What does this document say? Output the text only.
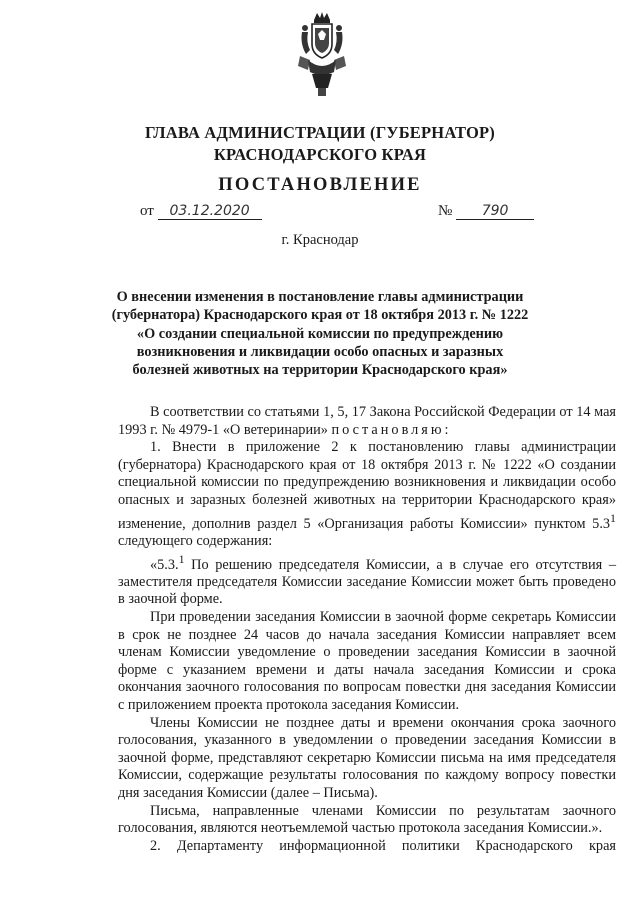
ГЛАВА АДМИНИСТРАЦИИ (ГУБЕРНАТОР)
КРАСНОДАРСКОГО КРАЯ
ПОСТАНОВЛЕНИЕ
от 03.12.2020	№ 790
г. Краснодар
О внесении изменения в постановление главы администрации
(губернатора) Краснодарского края от 18 октября 2013 г. № 1222
«О создании специальной комиссии по предупреждению
возникновения и ликвидации особо опасных и заразных
болезней животных на территории Краснодарского края»

В соответствии со статьями 1, 5, 17 Закона Российской Федерации от 14 мая 1993 г. № 4979-1 «О ветеринарии» постановляю:

1. Внести в приложение 2 к постановлению главы администрации (губернатора) Краснодарского края от 18 октября 2013 г. № 1222 «О создании специальной комиссии по предупреждению возникновения и ликвидации особо опасных и заразных болезней животных на территории Краснодарского края» изменение, дополнив раздел 5 «Организация работы Комиссии» пунктом $5.3^1$ следующего содержания:

«5.3.$^1$ По решению председателя Комиссии, а в случае его отсутствия – заместителя председателя Комиссии заседание Комиссии может быть проведено в заочной форме.

При проведении заседания Комиссии в заочной форме секретарь Комиссии в срок не позднее 24 часов до начала заседания Комиссии направляет всем членам Комиссии уведомление о проведении заседания Комиссии в заочной форме с указанием времени и даты начала заседания Комиссии и срока окончания заочного голосования по вопросам повестки дня заседания Комиссии с приложением проекта протокола заседания Комиссии.

Члены Комиссии не позднее даты и времени окончания срока заочного голосования, указанного в уведомлении о проведении заседания Комиссии в заочной форме, представляют секретарю Комиссии письма на имя председателя Комиссии, содержащие результаты голосования по каждому вопросу повестки дня заседания Комиссии (далее – Письма).

Письма, направленные членами Комиссии по результатам заочного голосования, являются неотъемлемой частью протокола заседания Комиссии.».

2. Департаменту информационной политики Краснодарского края
